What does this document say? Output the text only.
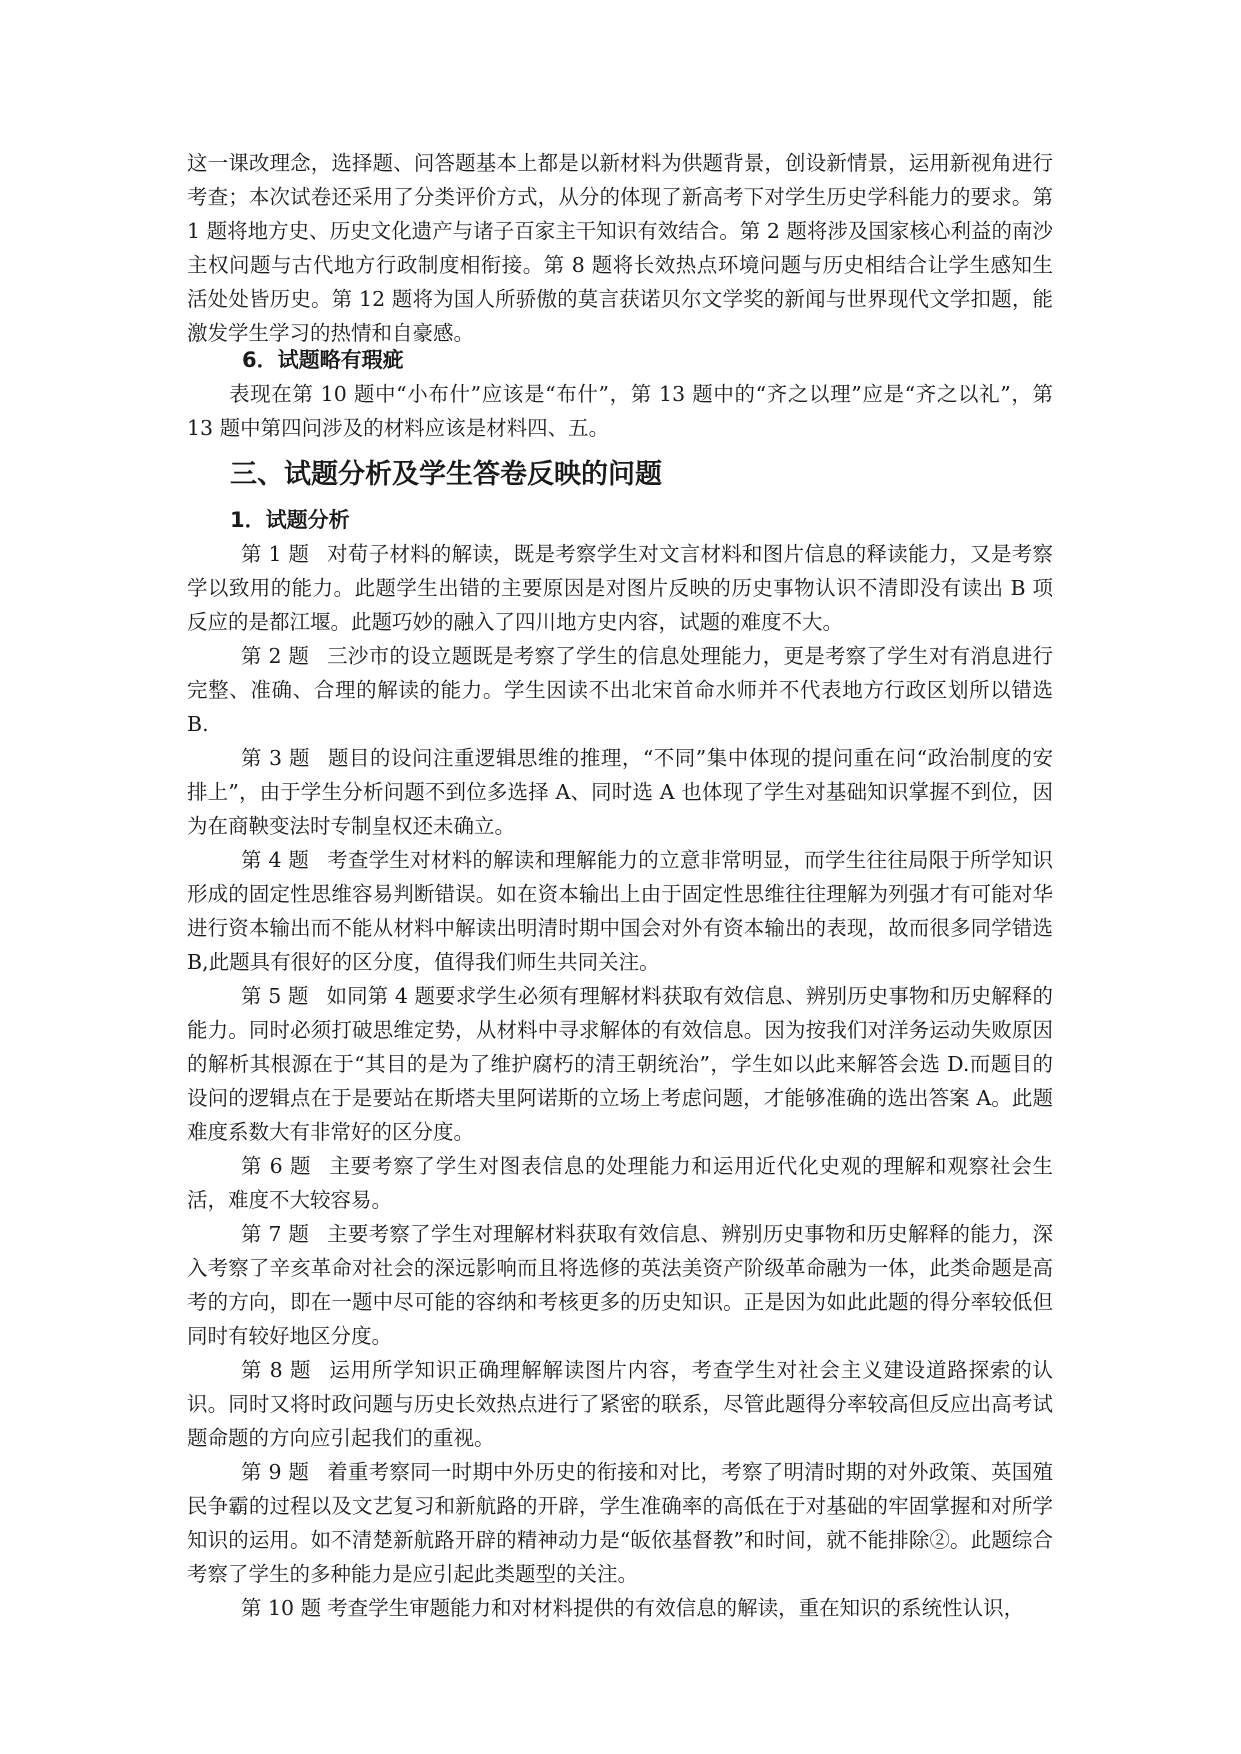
这一课改理念，选择题、问答题基本上都是以新材料为供题背景，创设新情景，运用新视角进行考查；本次试卷还采用了分类评价方式，从分的体现了新高考下对学生历史学科能力的要求。第 1 题将地方史、历史文化遗产与诸子百家主干知识有效结合。第 2 题将涉及国家核心利益的南沙主权问题与古代地方行政制度相衔接。第 8 题将长效热点环境问题与历史相结合让学生感知生活处处皆历史。第 12 题将为国人所骄傲的莫言获诺贝尔文学奖的新闻与世界现代文学扣题，能激发学生学习的热情和自豪感。

6．试题略有瑕疵

表现在第 10 题中“小布什”应该是“布什”，第 13 题中的“齐之以理”应是“齐之以礼”，第 13 题中第四问涉及的材料应该是材料四、五。

三、试题分析及学生答卷反映的问题

1．试题分析

第 1 题 对荀子材料的解读，既是考察学生对文言材料和图片信息的释读能力，又是考察学以致用的能力。此题学生出错的主要原因是对图片反映的历史事物认识不清即没有读出 B 项反应的是都江堰。此题巧妙的融入了四川地方史内容，试题的难度不大。
第 2 题 三沙市的设立题既是考察了学生的信息处理能力，更是考察了学生对有消息进行完整、准确、合理的解读的能力。学生因读不出北宋首命水师并不代表地方行政区划所以错选 B.
第 3 题 题目的设问注重逻辑思维的推理，“不同”集中体现的提问重在问“政治制度的安排上”，由于学生分析问题不到位多选择 A、同时选 A 也体现了学生对基础知识掌握不到位，因为在商鞅变法时专制皇权还未确立。
第 4 题 考查学生对材料的解读和理解能力的立意非常明显，而学生往往局限于所学知识形成的固定性思维容易判断错误。如在资本输出上由于固定性思维往往理解为列强才有可能对华进行资本输出而不能从材料中解读出明清时期中国会对外有资本输出的表现，故而很多同学错选 B,此题具有很好的区分度，值得我们师生共同关注。
第 5 题 如同第 4 题要求学生必须有理解材料获取有效信息、辨别历史事物和历史解释的能力。同时必须打破思维定势，从材料中寻求解体的有效信息。因为按我们对洋务运动失败原因的解析其根源在于“其目的是为了维护腐朽的清王朝统治”，学生如以此来解答会选 D.而题目的设问的逻辑点在于是要站在斯塔夫里阿诺斯的立场上考虑问题，才能够准确的选出答案 A。此题难度系数大有非常好的区分度。
第 6 题 主要考察了学生对图表信息的处理能力和运用近代化史观的理解和观察社会生活，难度不大较容易。
第 7 题 主要考察了学生对理解材料获取有效信息、辨别历史事物和历史解释的能力，深入考察了辛亥革命对社会的深远影响而且将选修的英法美资产阶级革命融为一体，此类命题是高考的方向，即在一题中尽可能的容纳和考核更多的历史知识。正是因为如此此题的得分率较低但同时有较好地区分度。
第 8 题 运用所学知识正确理解解读图片内容，考查学生对社会主义建设道路探索的认识。同时又将时政问题与历史长效热点进行了紧密的联系，尽管此题得分率较高但反应出高考试题命题的方向应引起我们的重视。
第 9 题 着重考察同一时期中外历史的衔接和对比，考察了明清时期的对外政策、英国殖民争霸的过程以及文艺复习和新航路的开辟，学生准确率的高低在于对基础的牢固掌握和对所学知识的运用。如不清楚新航路开辟的精神动力是“皈依基督教”和时间，就不能排除②。此题综合考察了学生的多种能力是应引起此类题型的关注。
第 10 题 考查学生审题能力和对材料提供的有效信息的解读，重在知识的系统性认识，
